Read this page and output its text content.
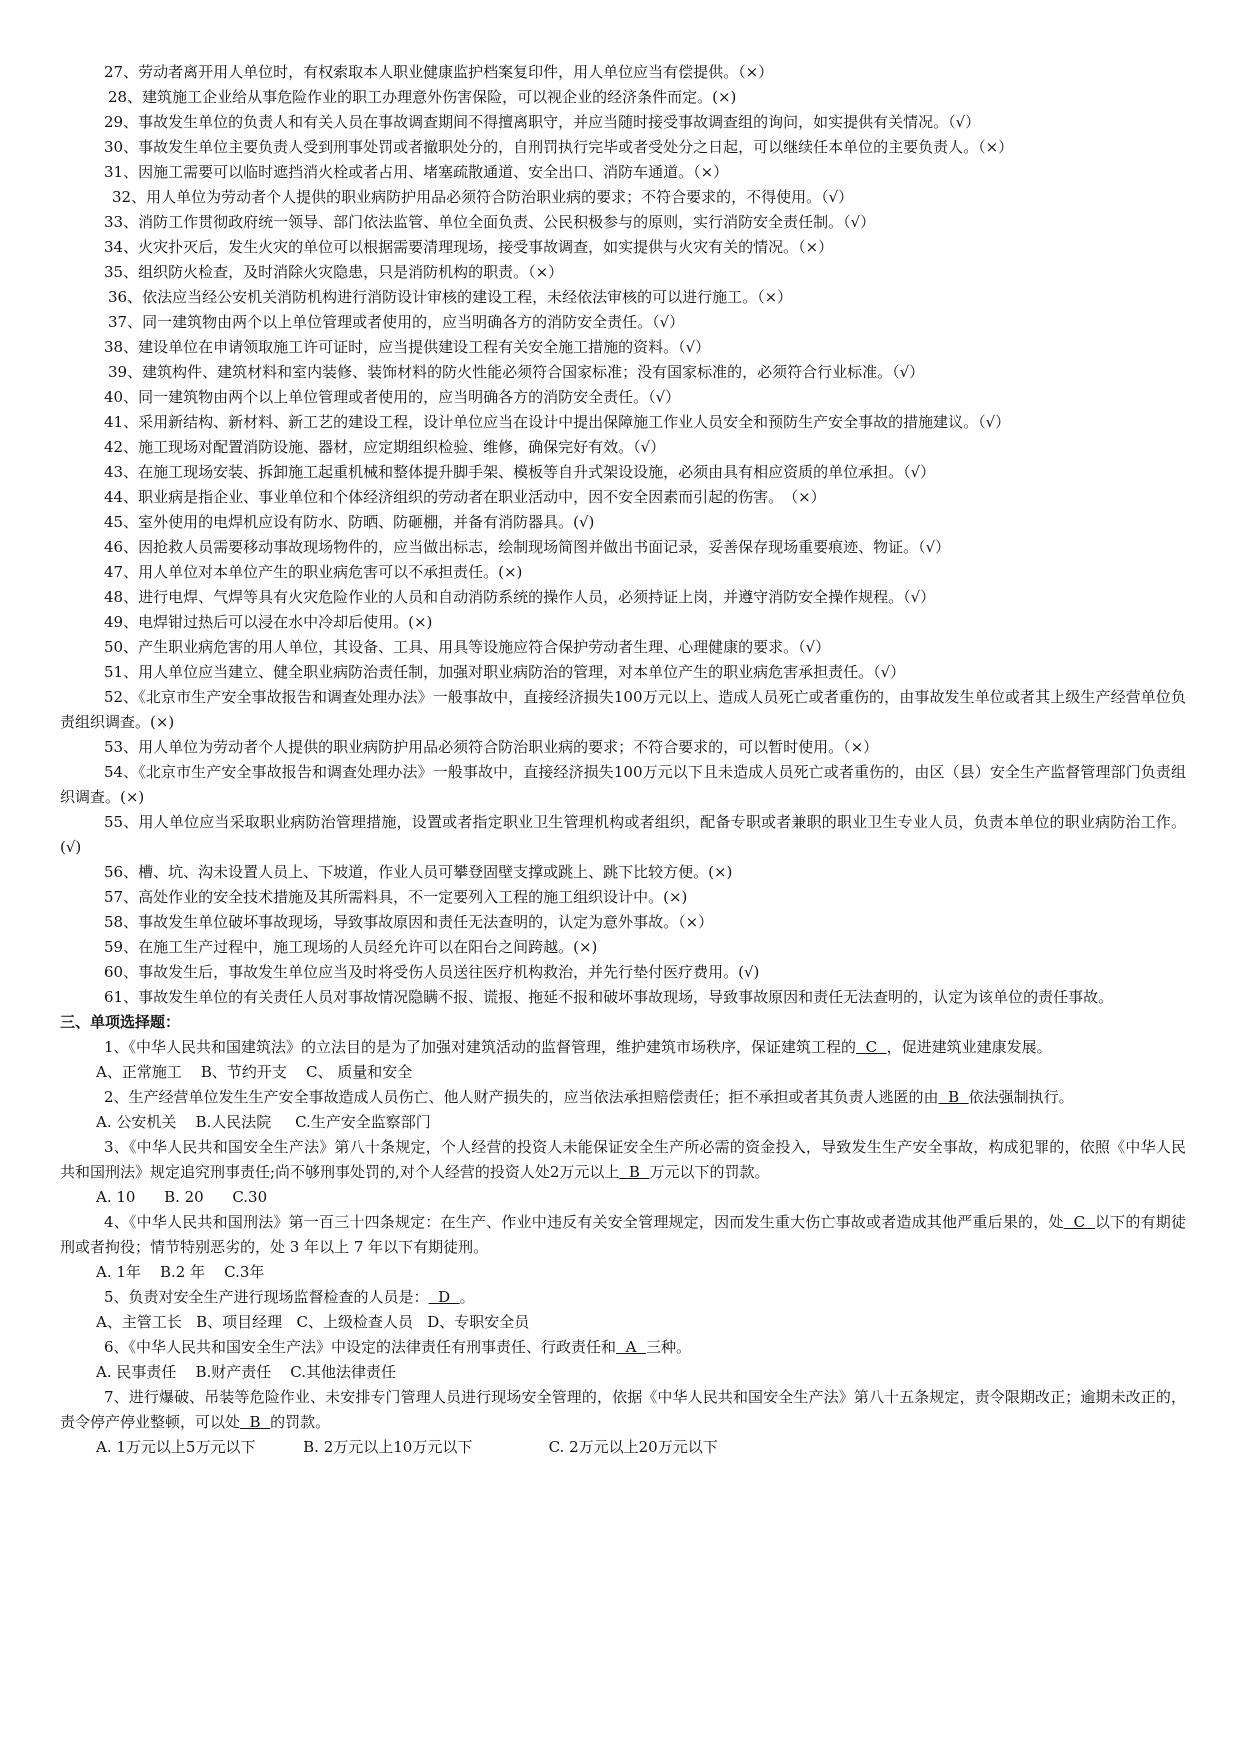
27、劳动者离开用人单位时，有权索取本人职业健康监护档案复印件，用人单位应当有偿提供。（×）

28、建筑施工企业给从事危险作业的职工办理意外伤害保险，可以视企业的经济条件而定。(×)

29、事故发生单位的负责人和有关人员在事故调查期间不得擅离职守，并应当随时接受事故调查组的询问，如实提供有关情况。（√）

30、事故发生单位主要负责人受到刑事处罚或者撤职处分的，自刑罚执行完毕或者受处分之日起，可以继续任本单位的主要负责人。（×）

31、因施工需要可以临时遮挡消火栓或者占用、堵塞疏散通道、安全出口、消防车通道。（×）

32、用人单位为劳动者个人提供的职业病防护用品必须符合防治职业病的要求；不符合要求的，不得使用。（√）

33、消防工作贯彻政府统一领导、部门依法监管、单位全面负责、公民积极参与的原则，实行消防安全责任制。（√）

34、火灾扑灭后，发生火灾的单位可以根据需要清理现场，接受事故调查，如实提供与火灾有关的情况。（×）

35、组织防火检查，及时消除火灾隐患，只是消防机构的职责。（×）

36、依法应当经公安机关消防机构进行消防设计审核的建设工程，未经依法审核的可以进行施工。（×）

37、同一建筑物由两个以上单位管理或者使用的，应当明确各方的消防安全责任。（√）

38、建设单位在申请领取施工许可证时，应当提供建设工程有关安全施工措施的资料。（√）

39、建筑构件、建筑材料和室内装修、装饰材料的防火性能必须符合国家标准；没有国家标准的，必须符合行业标准。（√）

40、同一建筑物由两个以上单位管理或者使用的，应当明确各方的消防安全责任。（√）

41、采用新结构、新材料、新工艺的建设工程，设计单位应当在设计中提出保障施工作业人员安全和预防生产安全事故的措施建议。（√）

42、施工现场对配置消防设施、器材，应定期组织检验、维修，确保完好有效。（√）

43、在施工现场安装、拆卸施工起重机械和整体提升脚手架、模板等自升式架设设施，必须由具有相应资质的单位承担。（√）

44、职业病是指企业、事业单位和个体经济组织的劳动者在职业活动中，因不安全因素而引起的伤害。　（×）

45、室外使用的电焊机应设有防水、防晒、防砸棚，并备有消防器具。(√)

46、因抢救人员需要移动事故现场物件的，应当做出标志，绘制现场简图并做出书面记录，妥善保存现场重要痕迹、物证。（√）

47、用人单位对本单位产生的职业病危害可以不承担责任。(×)

48、进行电焊、气焊等具有火灾危险作业的人员和自动消防系统的操作人员，必须持证上岗，并遵守消防安全操作规程。（√）

49、电焊钳过热后可以浸在水中冷却后使用。(×)

50、产生职业病危害的用人单位，其设备、工具、用具等设施应符合保护劳动者生理、心理健康的要求。（√）

51、用人单位应当建立、健全职业病防治责任制，加强对职业病防治的管理，对本单位产生的职业病危害承担责任。（√）

52、《北京市生产安全事故报告和调查处理办法》一般事故中，直接经济损失100万元以上、造成人员死亡或者重伤的，由事故发生单位或者其上级生产经营单位负责组织调查。(×)

53、用人单位为劳动者个人提供的职业病防护用品必须符合防治职业病的要求；不符合要求的，可以暂时使用。（×）

54、《北京市生产安全事故报告和调查处理办法》一般事故中，直接经济损失100万元以下且未造成人员死亡或者重伤的，由区（县）安全生产监督管理部门负责组织调查。(×)

55、用人单位应当采取职业病防治管理措施，设置或者指定职业卫生管理机构或者组织，配备专职或者兼职的职业卫生专业人员，负责本单位的职业病防治工作。(√)

56、槽、坑、沟未设置人员上、下坡道，作业人员可攀登固壁支撑或跳上、跳下比较方便。(×)

57、高处作业的安全技术措施及其所需料具，不一定要列入工程的施工组织设计中。(×)

58、事故发生单位破坏事故现场，导致事故原因和责任无法查明的，认定为意外事故。（×）

59、在施工生产过程中，施工现场的人员经允许可以在阳台之间跨越。(×)

60、事故发生后，事故发生单位应当及时将受伤人员送往医疗机构救治，并先行垫付医疗费用。(√)

61、事故发生单位的有关责任人员对事故情况隐瞒不报、谎报、拖延不报和破坏事故现场，导致事故原因和责任无法查明的，认定为该单位的责任事故。

三、单项选择题：

1、《中华人民共和国建筑法》的立法目的是为了加强对建筑活动的监督管理，维护建筑市场秩序，保证建筑工程的  C  ，促进建筑业建康发展。

A、正常施工    B、节约开支    C、 质量和安全

2、生产经营单位发生生产安全事故造成人员伤亡、他人财产损失的，应当依法承担赔偿责任；拒不承担或者其负责人逃匿的由  B  依法强制执行。

A. 公安机关    B.人民法院     C.生产安全监察部门

3、《中华人民共和国安全生产法》第八十条规定，个人经营的投资人未能保证安全生产所必需的资金投入，导致发生生产安全事故，构成犯罪的，依照《中华人民共和国刑法》规定追究刑事责任;尚不够刑事处罚的,对个人经营的投资人处2万元以上  B  万元以下的罚款。

A. 10      B. 20      C.30

4、《中华人民共和国刑法》第一百三十四条规定：在生产、作业中违反有关安全管理规定，因而发生重大伤亡事故或者造成其他严重后果的，处  C  以下的有期徒刑或者拘役；情节特别恶劣的，处 3 年以上 7 年以下有期徒刑。

A. 1年    B.2 年    C.3年

5、负责对安全生产进行现场监督检查的人员是：  D  。

A、主管工长   B、项目经理   C、上级检查人员   D、专职安全员

6、《中华人民共和国安全生产法》中设定的法律责任有刑事责任、行政责任和  A  三种。

A. 民事责任    B.财产责任    C.其他法律责任

7、进行爆破、吊装等危险作业、未安排专门管理人员进行现场安全管理的，依据《中华人民共和国安全生产法》第八十五条规定，责令限期改正；逾期未改正的，责令停产停业整顿，可以处  B  的罚款。

A. 1万元以上5万元以下          B. 2万元以上10万元以下                C. 2万元以上20万元以下
